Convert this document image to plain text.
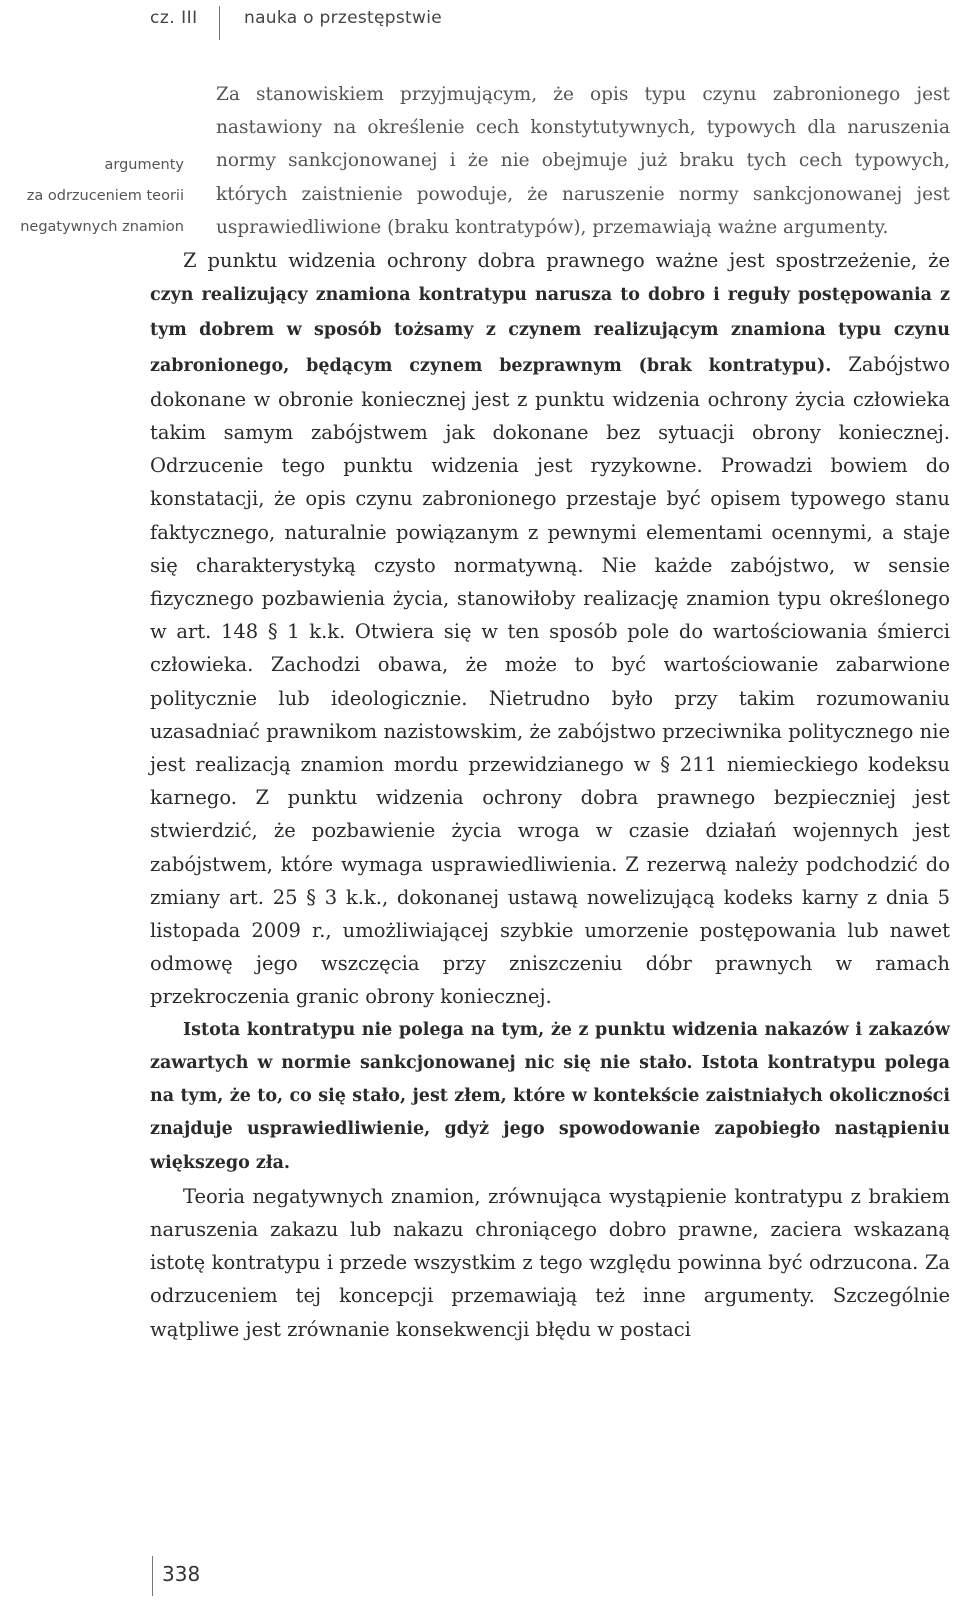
cz. III	nauka o przestępstwie
argumenty
za odrzuceniem teorii
negatywnych znamion

Za stanowiskiem przyjmującym, że opis typu czynu zabronionego jest nastawiony na określenie cech konstytutywnych, typowych dla naruszenia normy sankcjonowanej i że nie obejmuje już braku tych cech typowych, których zaistnienie powoduje, że naruszenie normy sankcjonowanej jest usprawiedliwione (braku kontratypów), przemawiają ważne argumenty.

Z punktu widzenia ochrony dobra prawnego ważne jest spostrzeżenie, że czyn realizujący znamiona kontratypu narusza to dobro i reguły postępowania z tym dobrem w sposób tożsamy z czynem realizującym znamiona typu czynu zabronionego, będącym czynem bezprawnym (brak kontratypu). Zabójstwo dokonane w obronie koniecznej jest z punktu widzenia ochrony życia człowieka takim samym zabójstwem jak dokonane bez sytuacji obrony koniecznej. Odrzucenie tego punktu widzenia jest ryzykowne. Prowadzi bowiem do konstatacji, że opis czynu zabronionego przestaje być opisem typowego stanu faktycznego, naturalnie powiązanym z pewnymi elementami ocennymi, a staje się charakterystyką czysto normatywną. Nie każde zabójstwo, w sensie fizycznego pozbawienia życia, stanowiłoby realizację znamion typu określonego w art. 148 § 1 k.k. Otwiera się w ten sposób pole do wartościowania śmierci człowieka. Zachodzi obawa, że może to być wartościowanie zabarwione politycznie lub ideologicznie. Nietrudno było przy takim rozumowaniu uzasadniać prawnikom nazistowskim, że zabójstwo przeciwnika politycznego nie jest realizacją znamion mordu przewidzianego w § 211 niemieckiego kodeksu karnego. Z punktu widzenia ochrony dobra prawnego bezpieczniej jest stwierdzić, że pozbawienie życia wroga w czasie działań wojennych jest zabójstwem, które wymaga usprawiedliwienia. Z rezerwą należy podchodzić do zmiany art. 25 § 3 k.k., dokonanej ustawą nowelizującą kodeks karny z dnia 5 listopada 2009 r., umożliwiającej szybkie umorzenie postępowania lub nawet odmowę jego wszczęcia przy zniszczeniu dóbr prawnych w ramach przekroczenia granic obrony koniecznej.

Istota kontratypu nie polega na tym, że z punktu widzenia nakazów i zakazów zawartych w normie sankcjonowanej nic się nie stało. Istota kontratypu polega na tym, że to, co się stało, jest złem, które w kontekście zaistniałych okoliczności znajduje usprawiedliwienie, gdyż jego spowodowanie zapobiegło nastąpieniu większego zła.

Teoria negatywnych znamion, zrównująca wystąpienie kontratypu z brakiem naruszenia zakazu lub nakazu chroniącego dobro prawne, zaciera wskazaną istotę kontratypu i przede wszystkim z tego względu powinna być odrzucona. Za odrzuceniem tej koncepcji przemawiają też inne argumenty. Szczególnie wątpliwe jest zrównanie konsekwencji błędu w postaci

338
